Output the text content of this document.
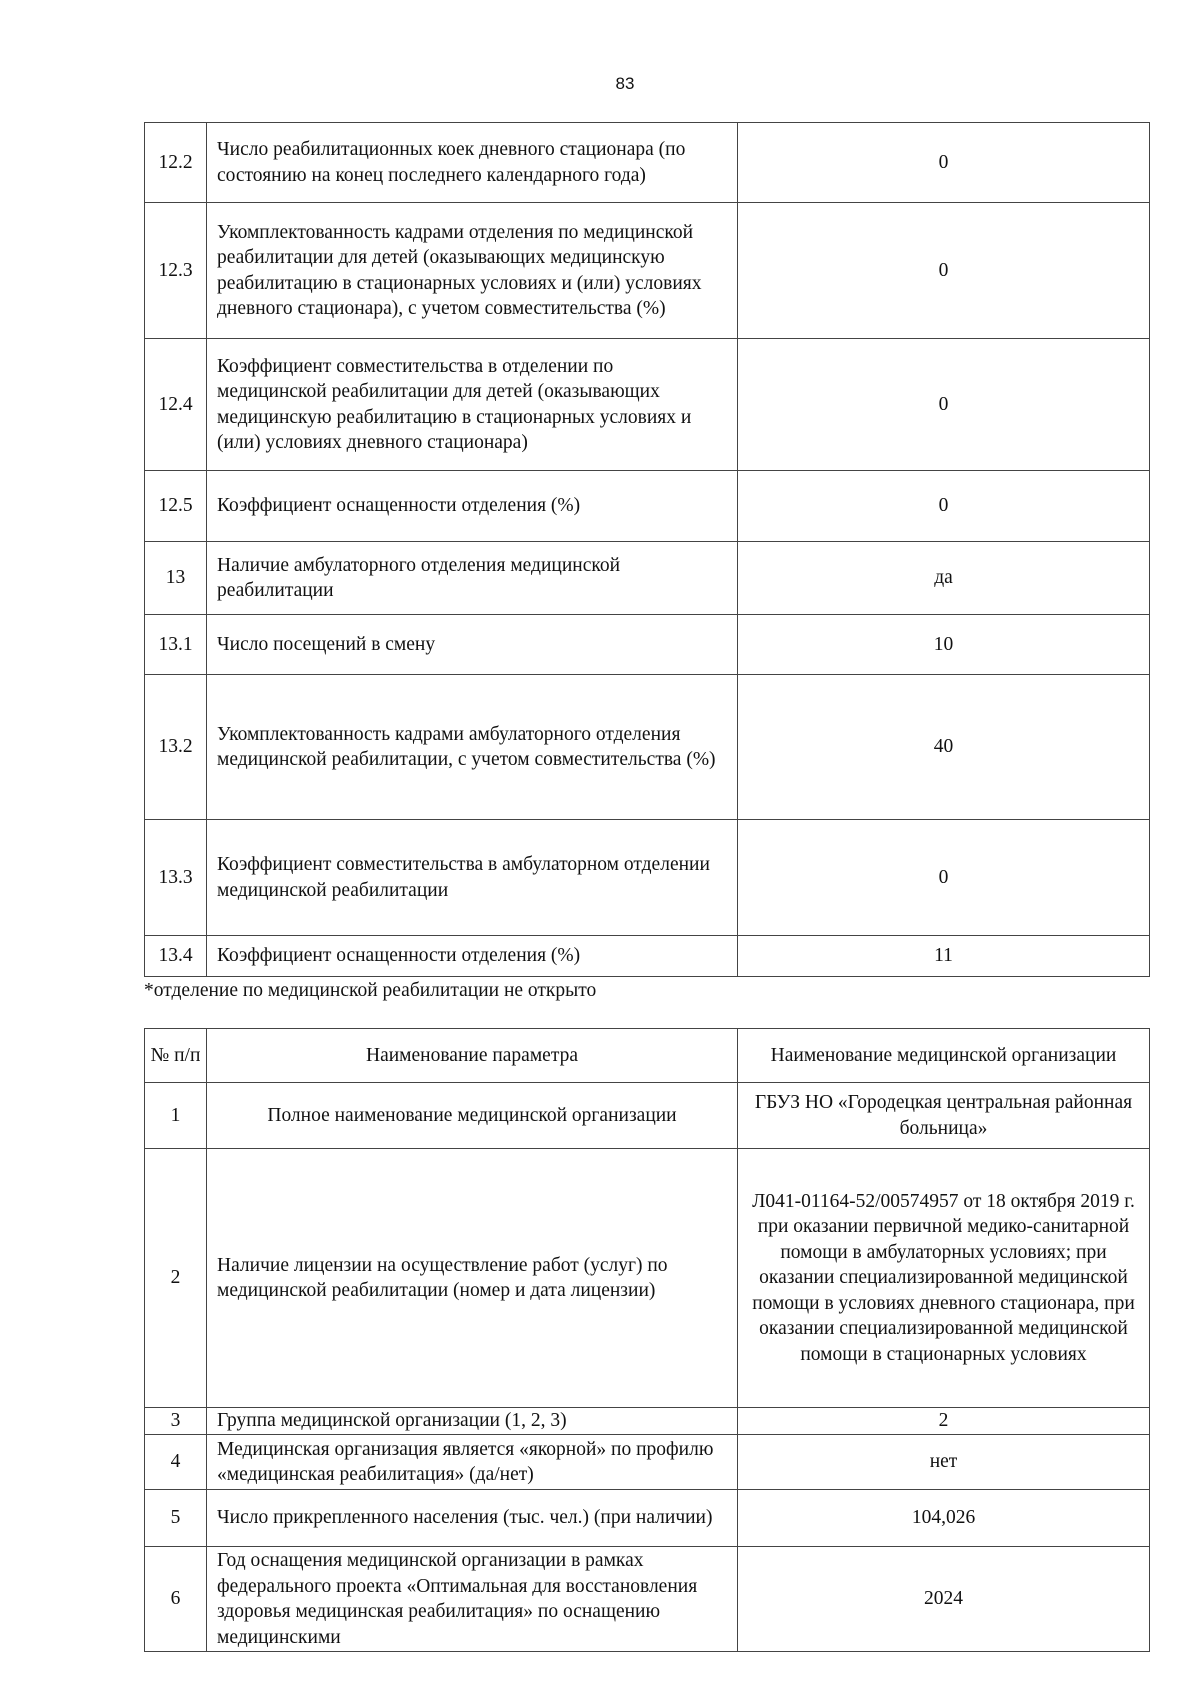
83
12.2	Число реабилитационных коек дневного стационара (по состоянию на конец последнего календарного года)	0
12.3	Укомплектованность кадрами отделения по медицинской реабилитации для детей (оказывающих медицинскую реабилитацию в стационарных условиях и (или) условиях дневного стационара), с учетом совместительства (%)	0
12.4	Коэффициент совместительства в отделении по медицинской реабилитации для детей (оказывающих медицинскую реабилитацию в стационарных условиях и (или) условиях дневного стационара)	0
12.5	Коэффициент оснащенности отделения (%)	0
13	Наличие амбулаторного отделения медицинской реабилитации	да
13.1	Число посещений в смену	10
13.2	Укомплектованность кадрами амбулаторного отделения медицинской реабилитации, с учетом совместительства (%)	40
13.3	Коэффициент совместительства в амбулаторном отделении медицинской реабилитации	0
13.4	Коэффициент оснащенности отделения (%)	11
*отделение по медицинской реабилитации не открыто
№ п/п	Наименование параметра	Наименование медицинской организации
1	Полное наименование медицинской организации	ГБУЗ НО «Городецкая центральная районная больница»
2	Наличие лицензии на осуществление работ (услуг) по медицинской реабилитации (номер и дата лицензии)	Л041-01164-52/00574957 от 18 октября 2019 г. при оказании первичной медико-санитарной помощи в амбулаторных условиях; при оказании специализированной медицинской помощи в условиях дневного стационара, при оказании специализированной медицинской помощи в стационарных условиях
3	Группа медицинской организации (1, 2, 3)	2
4	Медицинская организация является «якорной» по профилю «медицинская реабилитация» (да/нет)	нет
5	Число прикрепленного населения (тыс. чел.) (при наличии)	104,026
6	Год оснащения медицинской организации в рамках федерального проекта «Оптимальная для восстановления здоровья медицинская реабилитация» по оснащению медицинскими	2024
